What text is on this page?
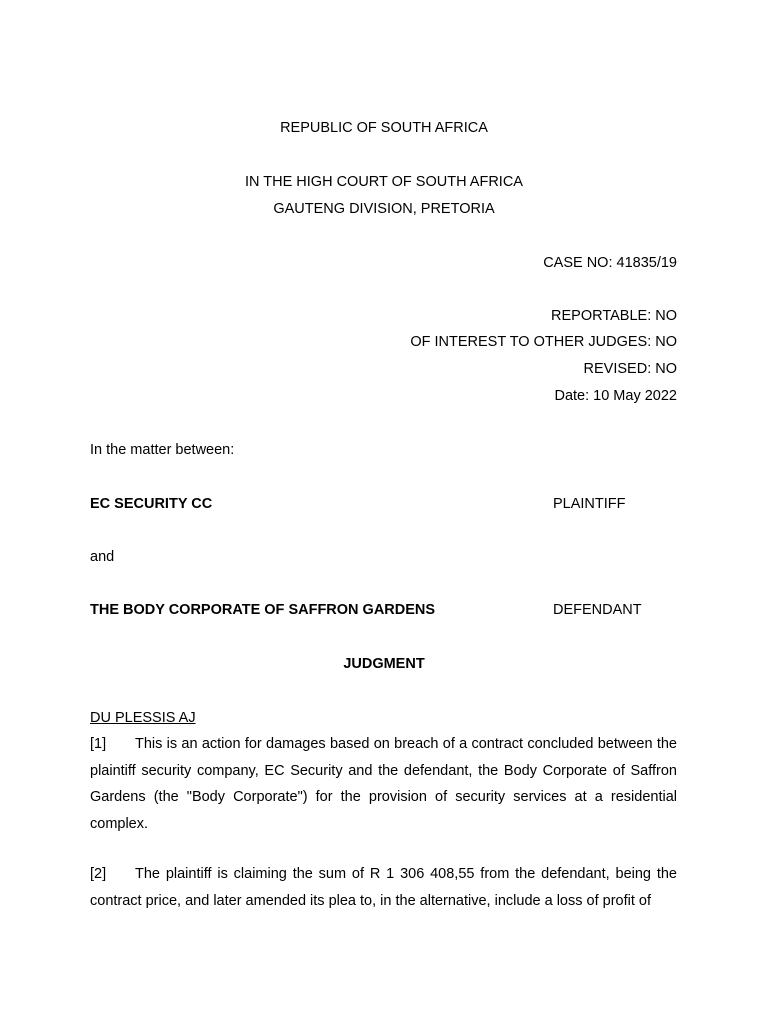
REPUBLIC OF SOUTH AFRICA
IN THE HIGH COURT OF SOUTH AFRICA
GAUTENG DIVISION, PRETORIA
CASE NO: 41835/19
REPORTABLE: NO
OF INTEREST TO OTHER JUDGES: NO
REVISED: NO
Date: 10 May 2022
In the matter between:
EC SECURITY CC	PLAINTIFF
and
THE BODY CORPORATE OF SAFFRON GARDENS	DEFENDANT
JUDGMENT
DU PLESSIS AJ
[1] This is an action for damages based on breach of a contract concluded between the plaintiff security company, EC Security and the defendant, the Body Corporate of Saffron Gardens (the "Body Corporate") for the provision of security services at a residential complex.
[2] The plaintiff is claiming the sum of R 1 306 408,55 from the defendant, being the contract price, and later amended its plea to, in the alternative, include a loss of profit of
